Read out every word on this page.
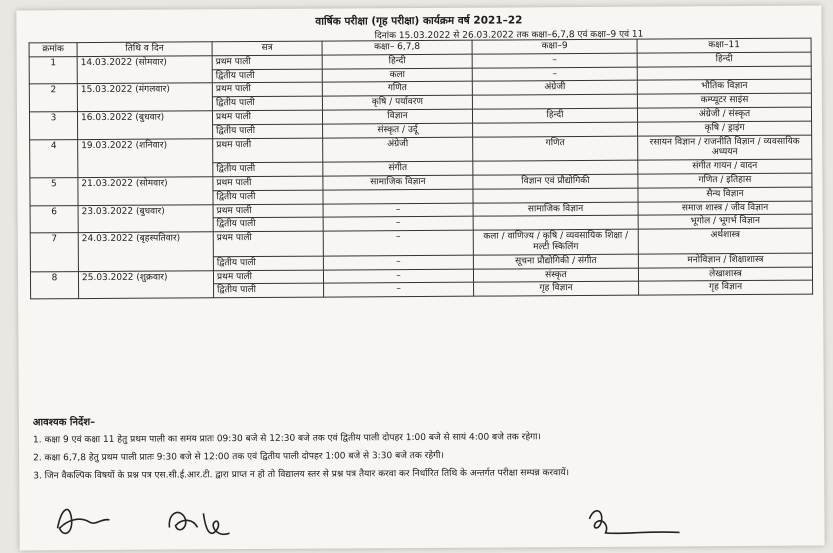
वार्षिक परीक्षा (गृह परीक्षा) कार्यक्रम वर्ष 2021–22
दिनांक 15.03.2022 से 26.03.2022 तक कक्षा–6,7,8 एवं कक्षा–9 एवं 11
क्रमांक	तिथि व दिन	सत्र	कक्षा– 6,7,8	कक्षा–9	कक्षा–11
1	14.03.2022 (सोमवार)	प्रथम पाली	हिन्दी	–	हिन्दी
		द्वितीय पाली	कला	–	
2	15.03.2022 (मंगलवार)	प्रथम पाली	गणित	अंग्रेजी	भौतिक विज्ञान
		द्वितीय पाली	कृषि / पर्यावरण		कम्प्यूटर साइंस
3	16.03.2022 (बुधवार)	प्रथम पाली	विज्ञान	हिन्दी	अंग्रेजी / संस्कृत
		द्वितीय पाली	संस्कृत / उर्दू		कृषि / ड्राइंग
4	19.03.2022 (शनिवार)	प्रथम पाली	अंग्रेजी	गणित	रसायन विज्ञान / राजनीति विज्ञान / व्यवसायिक अध्ययन
		द्वितीय पाली	संगीत		संगीत गायन / वादन
5	21.03.2022 (सोमवार)	प्रथम पाली	सामाजिक विज्ञान	विज्ञान एवं प्रौद्योगिकी	गणित / इतिहास
		द्वितीय पाली			सैन्य विज्ञान
6	23.03.2022 (बुधवार)	प्रथम पाली	–	सामाजिक विज्ञान	समाज शास्त्र / जीव विज्ञान
		द्वितीय पाली	–		भूगोल / भूगर्भ विज्ञान
7	24.03.2022 (बृहस्पतिवार)	प्रथम पाली	–	कला / वाणिज्य / कृषि / व्यवसायिक शिक्षा / मल्टी स्किलिंग	अर्थशास्त्र
		द्वितीय पाली	–	सूचना प्रौद्योगिकी / संगीत	मनोविज्ञान / शिक्षाशास्त्र
8	25.03.2022 (शुक्रवार)	प्रथम पाली	–	संस्कृत	लेखाशास्त्र
		द्वितीय पाली	–	गृह विज्ञान	गृह विज्ञान
आवश्यक निर्देश–
1. कक्षा 9 एवं कक्षा 11 हेतु प्रथम पाली का समय प्रातः 09:30 बजे से 12:30 बजे तक एवं द्वितीय पाली दोपहर 1:00 बजे से सायं 4:00 बजे तक रहेगा।
2. कक्षा 6,7,8 हेतु प्रथम पाली प्रातः 9:30 बजे से 12:00 तक एवं द्वितीय पाली दोपहर 1:00 बजे से 3:30 बजे तक रहेगी।
3. जिन वैकल्पिक विषयों के प्रश्न पत्र एस.सी.ई.आर.टी. द्वारा प्राप्त न हो तो विद्यालय स्तर से प्रश्न पत्र तैयार करवा कर निर्धारित तिथि के अन्तर्गत परीक्षा सम्पन्न करवायें।
